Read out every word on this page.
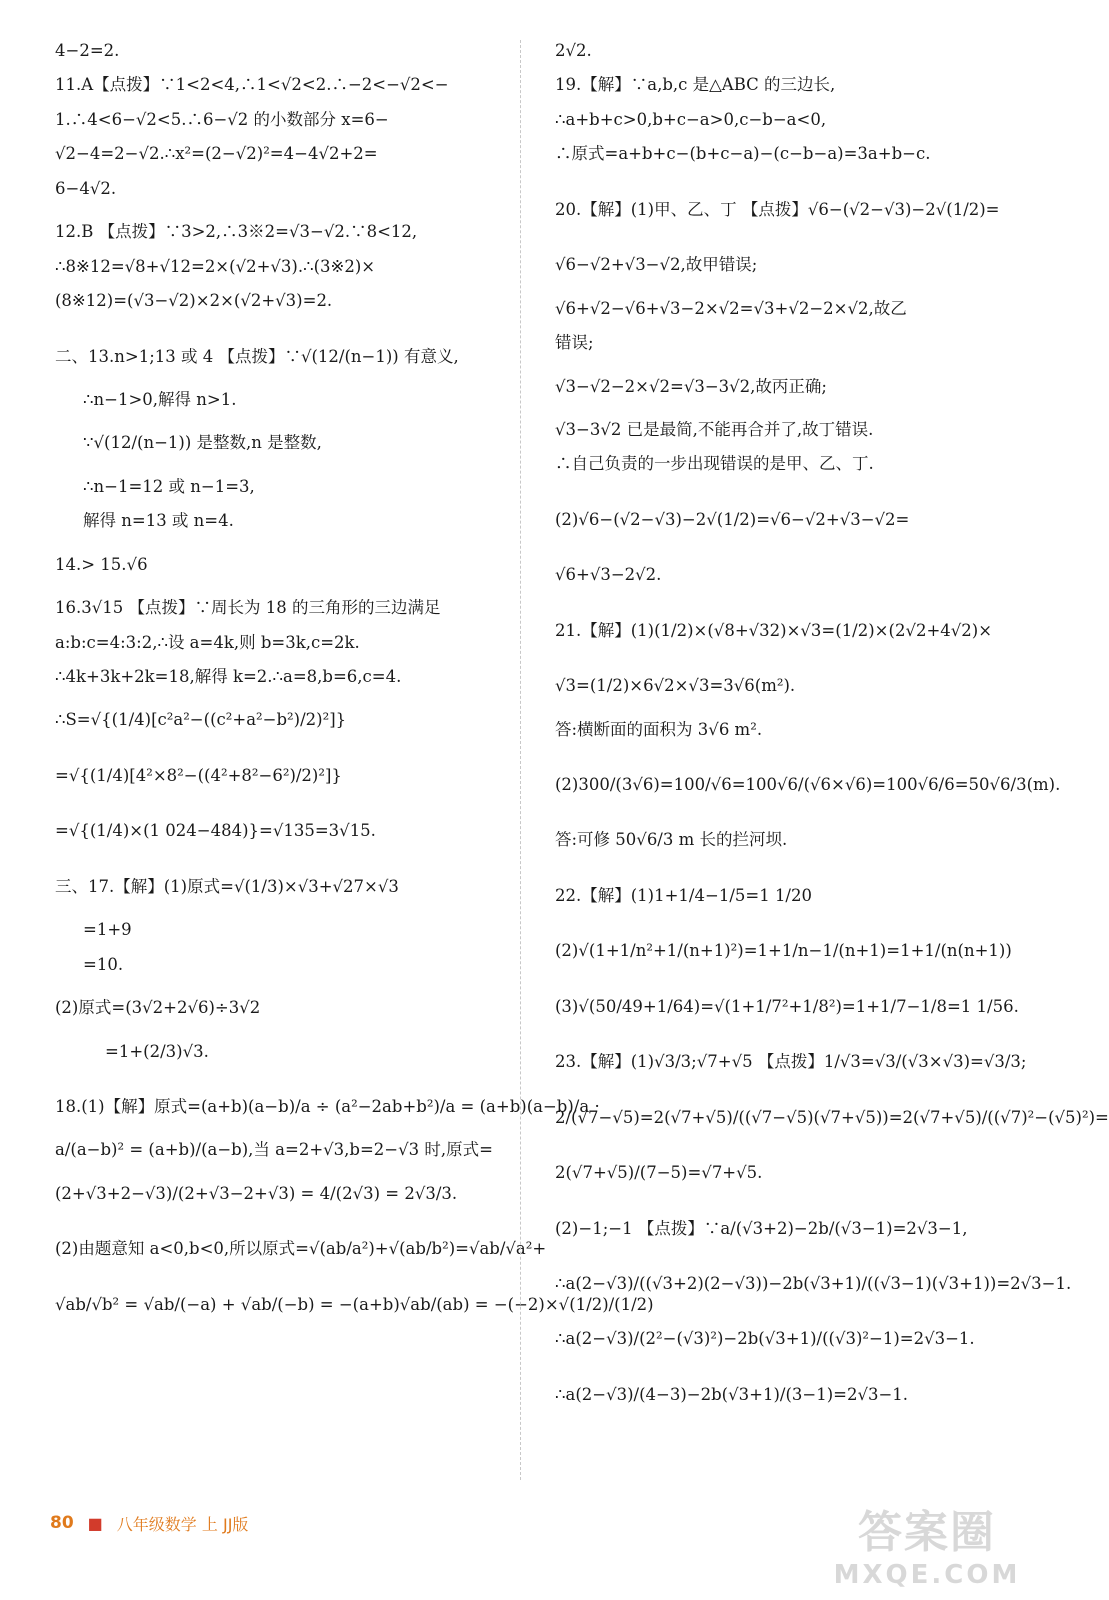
4−2=2.

11.A【点拨】∵1<2<4,∴1<√2<2.∴−2<−√2<−

1.∴4<6−√2<5.∴6−√2 的小数部分 x=6−

√2−4=2−√2.∴x²=(2−√2)²=4−4√2+2=

6−4√2.

12.B 【点拨】∵3>2,∴3※2=√3−√2.∵8<12,

∴8※12=√8+√12=2×(√2+√3).∴(3※2)×

(8※12)=(√3−√2)×2×(√2+√3)=2.

二、13.n>1;13 或 4 【点拨】∵√(12/(n−1)) 有意义,

∴n−1>0,解得 n>1.

∵√(12/(n−1)) 是整数,n 是整数,

∴n−1=12 或 n−1=3,

解得 n=13 或 n=4.

14.> 15.√6

16.3√15 【点拨】∵周长为 18 的三角形的三边满足

a:b:c=4:3:2,∴设 a=4k,则 b=3k,c=2k.

∴4k+3k+2k=18,解得 k=2.∴a=8,b=6,c=4.

∴S=√{(1/4)[c²a²−((c²+a²−b²)/2)²]}

=√{(1/4)[4²×8²−((4²+8²−6²)/2)²]}

=√{(1/4)×(1 024−484)}=√135=3√15.

三、17.【解】(1)原式=√(1/3)×√3+√27×√3

=1+9

=10.

(2)原式=(3√2+2√6)÷3√2

=1+(2/3)√3.

18.(1)【解】原式=(a+b)(a−b)/a ÷ (a²−2ab+b²)/a = (a+b)(a−b)/a ·

a/(a−b)² = (a+b)/(a−b),当 a=2+√3,b=2−√3 时,原式=

(2+√3+2−√3)/(2+√3−2+√3) = 4/(2√3) = 2√3/3.

(2)由题意知 a<0,b<0,所以原式=√(ab/a²)+√(ab/b²)=√ab/√a²+

√ab/√b² = √ab/(−a) + √ab/(−b) = −(a+b)√ab/(ab) = −(−2)×√(1/2)/(1/2)

2√2.

19.【解】∵a,b,c 是△ABC 的三边长,

∴a+b+c>0,b+c−a>0,c−b−a<0,

∴原式=a+b+c−(b+c−a)−(c−b−a)=3a+b−c.

20.【解】(1)甲、乙、丁 【点拨】√6−(√2−√3)−2√(1/2)=

√6−√2+√3−√2,故甲错误;

√6+√2−√6+√3−2×√2=√3+√2−2×√2,故乙

错误;

√3−√2−2×√2=√3−3√2,故丙正确;

√3−3√2 已是最简,不能再合并了,故丁错误.

∴自己负责的一步出现错误的是甲、乙、丁.

(2)√6−(√2−√3)−2√(1/2)=√6−√2+√3−√2=

√6+√3−2√2.

21.【解】(1)(1/2)×(√8+√32)×√3=(1/2)×(2√2+4√2)×

√3=(1/2)×6√2×√3=3√6(m²).

答:横断面的面积为 3√6 m².

(2)300/(3√6)=100/√6=100√6/(√6×√6)=100√6/6=50√6/3(m).

答:可修 50√6/3 m 长的拦河坝.

22.【解】(1)1+1/4−1/5=1 1/20

(2)√(1+1/n²+1/(n+1)²)=1+1/n−1/(n+1)=1+1/(n(n+1))

(3)√(50/49+1/64)=√(1+1/7²+1/8²)=1+1/7−1/8=1 1/56.

23.【解】(1)√3/3;√7+√5 【点拨】1/√3=√3/(√3×√3)=√3/3;

2/(√7−√5)=2(√7+√5)/((√7−√5)(√7+√5))=2(√7+√5)/((√7)²−(√5)²)=

2(√7+√5)/(7−5)=√7+√5.

(2)−1;−1 【点拨】∵a/(√3+2)−2b/(√3−1)=2√3−1,

∴a(2−√3)/((√3+2)(2−√3))−2b(√3+1)/((√3−1)(√3+1))=2√3−1.

∴a(2−√3)/(2²−(√3)²)−2b(√3+1)/((√3)²−1)=2√3−1.

∴a(2−√3)/(4−3)−2b(√3+1)/(3−1)=2√3−1.

80 ■ 八年级数学 上 JJ版	答案圈
MXQE.COM
